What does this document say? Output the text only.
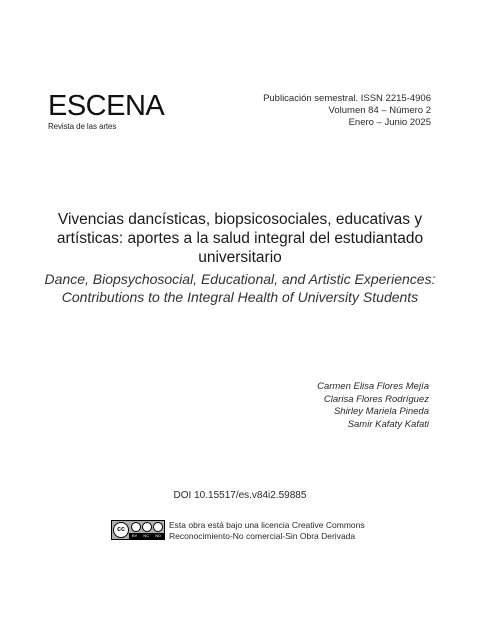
ESCENA
Revista de las artes
Publicación semestral. ISSN 2215-4906
Volumen 84 – Número 2
Enero – Junio 2025
Vivencias dancísticas, biopsicosociales, educativas y artísticas: aportes a la salud integral del estudiantado universitario
Dance, Biopsychosocial, Educational, and Artistic Experiences: Contributions to the Integral Health of University Students
Carmen Elisa Flores Mejía
Clarisa Flores Rodríguez
Shirley Mariela Pineda
Samir Kafaty Kafati
DOI 10.15517/es.v84i2.59885
cc
BY NC ND
Esta obra está bajo una licencia Creative Commons
Reconocimiento-No comercial-Sin Obra Derivada
